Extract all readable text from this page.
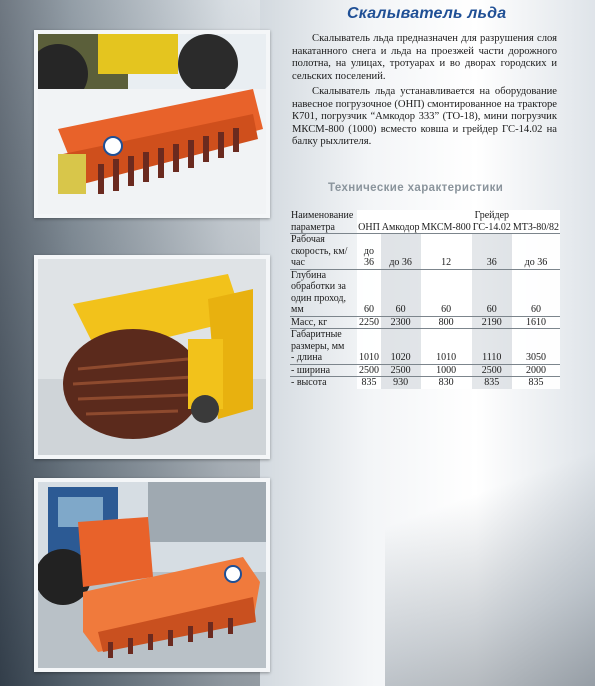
Скалыватель льда

Скалыватель льда предназначен для разрушения слоя накатанного снега и льда на проезжей части дорожного полотна, на улицах, тротуарах и во дворах городских и сельских поселений.

Скалыватель льда устанавливается на оборудование навесное погрузочное (ОНП) смонтированное на тракторе К701, погрузчик “Амкодор 333” (ТО-18), мини погрузчик МКСМ-800 (1000) всместо ковша и грейдер ГС-14.02 на балку рыхлителя.

Технические характеристики
Наименование параметра	ОНП	Амкодор	МКСМ-800	Грейдер ГС-14.02	МТЗ-80/82
Рабочая скорость, км/час	до 36	до 36	12	36	до 36
Глубина обработки за один проход, мм	60	60	60	60	60
Масс, кг	2250	2300	800	2190	1610
Габаритные размеры, мм					
- длина	1010	1020	1010	1110	3050
- ширина	2500	2500	1000	2500	2000
- высота	835	930	830	835	835
